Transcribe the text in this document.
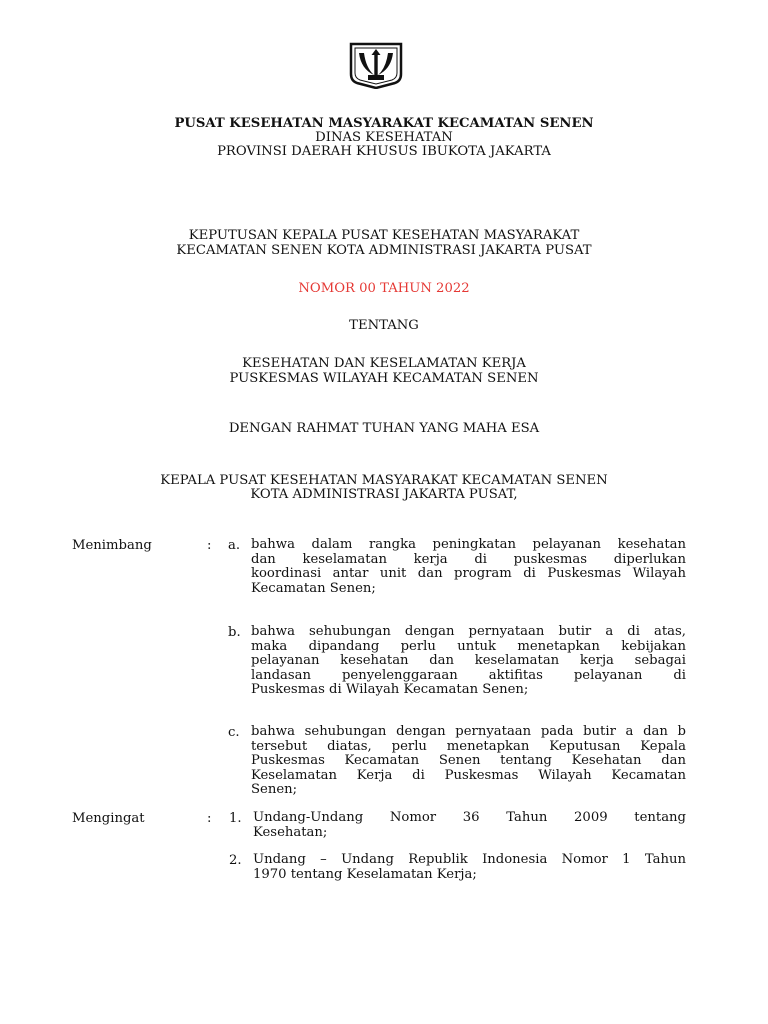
PUSAT KESEHATAN MASYARAKAT KECAMATAN SENEN
DINAS KESEHATAN
PROVINSI DAERAH KHUSUS IBUKOTA JAKARTA
KEPUTUSAN KEPALA PUSAT KESEHATAN MASYARAKAT
KECAMATAN SENEN KOTA ADMINISTRASI JAKARTA PUSAT
NOMOR 00 TAHUN 2022
TENTANG
KESEHATAN DAN KESELAMATAN KERJA
PUSKESMAS WILAYAH KECAMATAN SENEN
DENGAN RAHMAT TUHAN YANG MAHA ESA
KEPALA PUSAT KESEHATAN MASYARAKAT KECAMATAN SENEN
KOTA ADMINISTRASI JAKARTA PUSAT,
Menimbang	: a. bahwa dalam rangka peningkatan pelayanan kesehatan
dan keselamatan kerja di puskesmas diperlukan
koordinasi antar unit dan program di Puskesmas Wilayah
Kecamatan Senen;
b. bahwa sehubungan dengan pernyataan butir a di atas,
maka dipandang perlu untuk menetapkan kebijakan
pelayanan kesehatan dan keselamatan kerja sebagai
landasan penyelenggaraan aktifitas pelayanan di
Puskesmas di Wilayah Kecamatan Senen;
c. bahwa sehubungan dengan pernyataan pada butir a dan b
tersebut diatas, perlu menetapkan Keputusan Kepala
Puskesmas Kecamatan Senen tentang Kesehatan dan
Keselamatan Kerja di Puskesmas Wilayah Kecamatan
Senen;
Mengingat	: 1. Undang-Undang Nomor 36 Tahun 2009 tentang
Kesehatan;
2. Undang – Undang Republik Indonesia Nomor 1 Tahun
1970 tentang Keselamatan Kerja;
